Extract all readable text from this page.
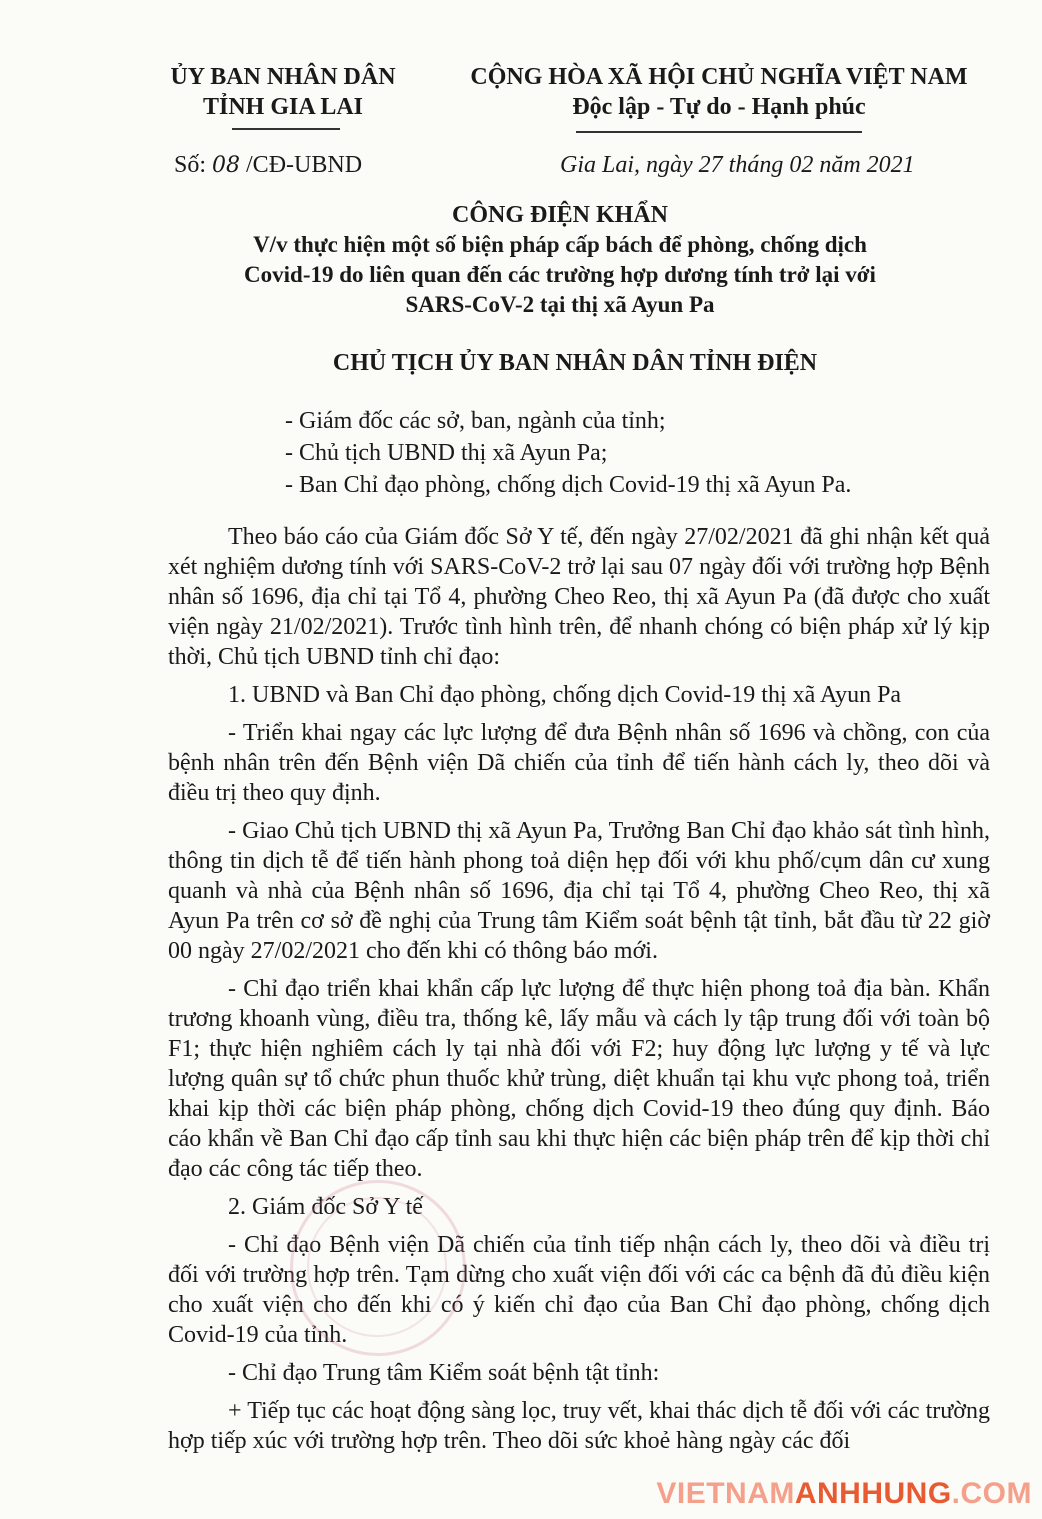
ỦY BAN NHÂN DÂN
TỈNH GIA LAI
CỘNG HÒA XÃ HỘI CHỦ NGHĨA VIỆT NAM
Độc lập - Tự do - Hạnh phúc
Số: 08 /CĐ-UBND	Gia Lai, ngày 27 tháng 02 năm 2021
CÔNG ĐIỆN KHẨN
V/v thực hiện một số biện pháp cấp bách để phòng, chống dịch
Covid-19 do liên quan đến các trường hợp dương tính trở lại với
SARS-CoV-2 tại thị xã Ayun Pa
CHỦ TỊCH ỦY BAN NHÂN DÂN TỈNH ĐIỆN
- Giám đốc các sở, ban, ngành của tỉnh;
- Chủ tịch UBND thị xã Ayun Pa;
- Ban Chỉ đạo phòng, chống dịch Covid-19 thị xã Ayun Pa.

Theo báo cáo của Giám đốc Sở Y tế, đến ngày 27/02/2021 đã ghi nhận kết quả xét nghiệm dương tính với SARS-CoV-2 trở lại sau 07 ngày đối với trường hợp Bệnh nhân số 1696, địa chỉ tại Tổ 4, phường Cheo Reo, thị xã Ayun Pa (đã được cho xuất viện ngày 21/02/2021). Trước tình hình trên, để nhanh chóng có biện pháp xử lý kịp thời, Chủ tịch UBND tỉnh chỉ đạo:

1. UBND và Ban Chỉ đạo phòng, chống dịch Covid-19 thị xã Ayun Pa

- Triển khai ngay các lực lượng để đưa Bệnh nhân số 1696 và chồng, con của bệnh nhân trên đến Bệnh viện Dã chiến của tỉnh để tiến hành cách ly, theo dõi và điều trị theo quy định.

- Giao Chủ tịch UBND thị xã Ayun Pa, Trưởng Ban Chỉ đạo khảo sát tình hình, thông tin dịch tễ để tiến hành phong toả diện hẹp đối với khu phố/cụm dân cư xung quanh và nhà của Bệnh nhân số 1696, địa chỉ tại Tổ 4, phường Cheo Reo, thị xã Ayun Pa trên cơ sở đề nghị của Trung tâm Kiểm soát bệnh tật tỉnh, bắt đầu từ 22 giờ 00 ngày 27/02/2021 cho đến khi có thông báo mới.

- Chỉ đạo triển khai khẩn cấp lực lượng để thực hiện phong toả địa bàn. Khẩn trương khoanh vùng, điều tra, thống kê, lấy mẫu và cách ly tập trung đối với toàn bộ F1; thực hiện nghiêm cách ly tại nhà đối với F2; huy động lực lượng y tế và lực lượng quân sự tổ chức phun thuốc khử trùng, diệt khuẩn tại khu vực phong toả, triển khai kịp thời các biện pháp phòng, chống dịch Covid-19 theo đúng quy định. Báo cáo khẩn về Ban Chỉ đạo cấp tỉnh sau khi thực hiện các biện pháp trên để kịp thời chỉ đạo các công tác tiếp theo.

2. Giám đốc Sở Y tế

- Chỉ đạo Bệnh viện Dã chiến của tỉnh tiếp nhận cách ly, theo dõi và điều trị đối với trường hợp trên. Tạm dừng cho xuất viện đối với các ca bệnh đã đủ điều kiện cho xuất viện cho đến khi có ý kiến chỉ đạo của Ban Chỉ đạo phòng, chống dịch Covid-19 của tỉnh.

- Chỉ đạo Trung tâm Kiểm soát bệnh tật tỉnh:

+ Tiếp tục các hoạt động sàng lọc, truy vết, khai thác dịch tễ đối với các trường hợp tiếp xúc với trường hợp trên. Theo dõi sức khoẻ hàng ngày các đối

VIETNAMANHHUNG.COM
